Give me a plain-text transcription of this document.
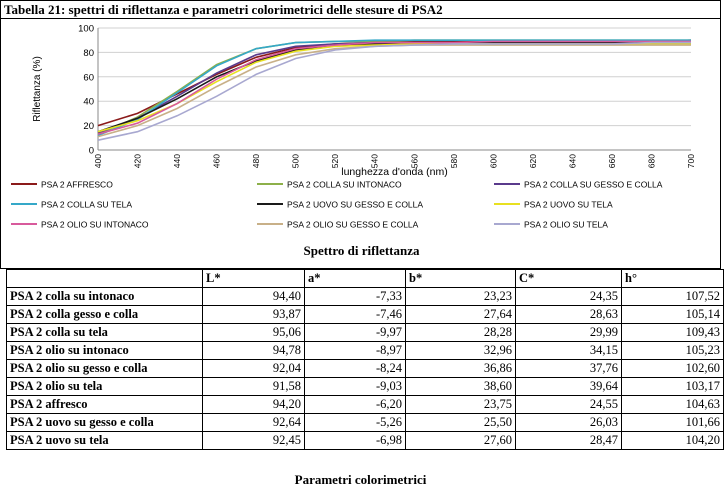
Tabella 21: spettri di riflettanza e parametri colorimetrici delle stesure di PSA2
0
20
40
60
80
100
400	420	440	460	480	500	520	540	560	580	600	620	640	660	680	700
lunghezza d'onda (nm)
Riflettanza (%)
PSA 2 AFFRESCO	PSA 2 COLLA SU INTONACO	PSA 2 COLLA SU GESSO E COLLA
PSA 2 COLLA SU TELA	PSA 2 UOVO SU GESSO E COLLA	PSA 2 UOVO SU TELA
PSA 2 OLIO SU INTONACO	PSA 2 OLIO SU GESSO E COLLA	PSA 2 OLIO SU TELA
Spettro di riflettanza
	L*	a*	b*	C*	h°
PSA 2 colla su intonaco	94,40	-7,33	23,23	24,35	107,52
PSA 2 colla gesso e colla	93,87	-7,46	27,64	28,63	105,14
PSA 2 colla su tela	95,06	-9,97	28,28	29,99	109,43
PSA 2 olio su intonaco	94,78	-8,97	32,96	34,15	105,23
PSA 2 olio su gesso e colla	92,04	-8,24	36,86	37,76	102,60
PSA 2 olio su tela	91,58	-9,03	38,60	39,64	103,17
PSA 2 affresco	94,20	-6,20	23,75	24,55	104,63
PSA 2 uovo su gesso e colla	92,64	-5,26	25,50	26,03	101,66
PSA 2 uovo su tela	92,45	-6,98	27,60	28,47	104,20
Parametri colorimetrici
